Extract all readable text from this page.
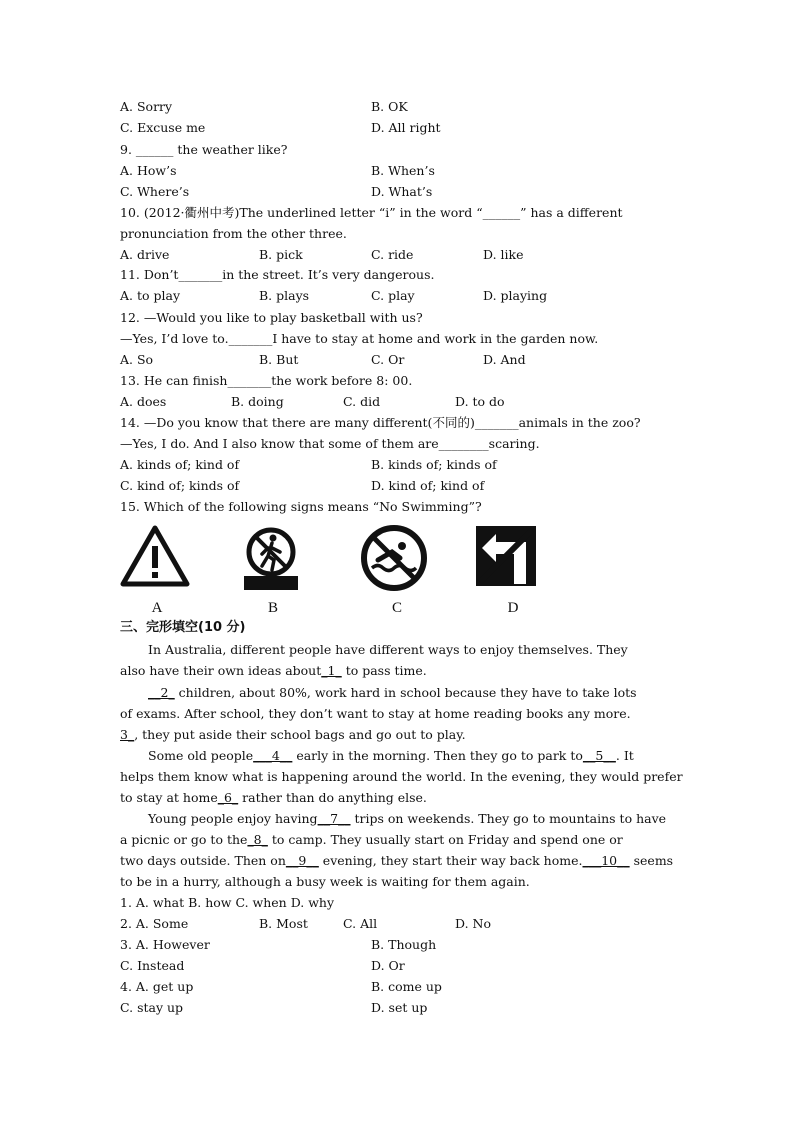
A. Sorry	B. OK
C. Excuse me	D. All right
9. ______ the weather like?
A. How’s	B. When’s
C. Where’s	D. What’s
10. (2012·衢州中考)The underlined letter “i” in the word “______” has a different
pronunciation from the other three.
A. drive	B. pick	C. ride	D. like
11. Don’t_______in the street. It’s very dangerous.
A. to play	B. plays	C. play	D. playing
12. —Would you like to play basketball with us?
—Yes, I’d love to._______I have to stay at home and work in the garden now.
A. So	B. But	C. Or	D. And
13. He can finish_______the work before 8: 00.
A. does	B. doing	C. did	D. to do
14. —Do you know that there are many different(不同的)_______animals in the zoo?
—Yes, I do. And I also know that some of them are________scaring.
A. kinds of; kind of	B. kinds of; kinds of
C. kind of; kinds of	D. kind of; kind of
15. Which of the following signs means “No Swimming”?
A	B	C	D
三、完形填空(10 分)
In Australia, different people have different ways to enjoy themselves. They
also have their own ideas about_1_ to pass time.
__2_ children, about 80%, work hard in school because they have to take lots
of exams. After school, they don’t want to stay at home reading books any more.
3_, they put aside their school bags and go out to play.
Some old people___4__ early in the morning. Then they go to park to__5__. It
helps them know what is happening around the world. In the evening, they would prefer
to stay at home_6_ rather than do anything else.
Young people enjoy having__7__ trips on weekends. They go to mountains to have
a picnic or go to the_8_ to camp. They usually start on Friday and spend one or
two days outside. Then on__9__ evening, they start their way back home.___10__ seems
to be in a hurry, although a busy week is waiting for them again.
1. A. what B. how C. when D. why
2. A. Some	B. Most	C. All	D. No
3. A. However	B. Though
C. Instead	D. Or
4. A. get up	B. come up
C. stay up	D. set up
